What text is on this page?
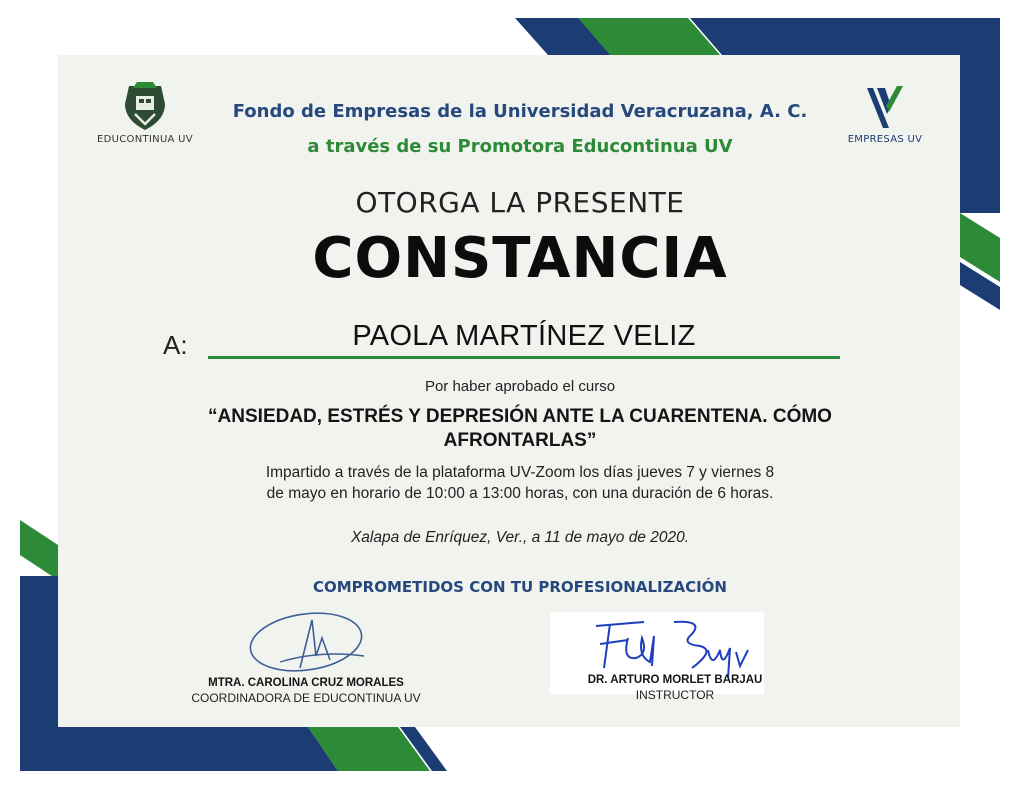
EDUCONTINUA UV	EMPRESAS UV
Fondo de Empresas de la Universidad Veracruzana, A. C.
a través de su Promotora Educontinua UV
OTORGA LA PRESENTE
CONSTANCIA
A:	PAOLA MARTÍNEZ VELIZ
Por haber aprobado el curso
“ANSIEDAD, ESTRÉS Y DEPRESIÓN ANTE LA CUARENTENA. CÓMO
AFRONTARLAS”
Impartido a través de la plataforma UV-Zoom los días jueves 7 y viernes 8
de mayo en horario de 10:00 a 13:00 horas, con una duración de 6 horas.
Xalapa de Enríquez, Ver., a 11 de mayo de 2020.
COMPROMETIDOS CON TU PROFESIONALIZACIÓN
MTRA. CAROLINA CRUZ MORALES
COORDINADORA DE EDUCONTINUA UV
DR. ARTURO MORLET BARJAU
INSTRUCTOR
